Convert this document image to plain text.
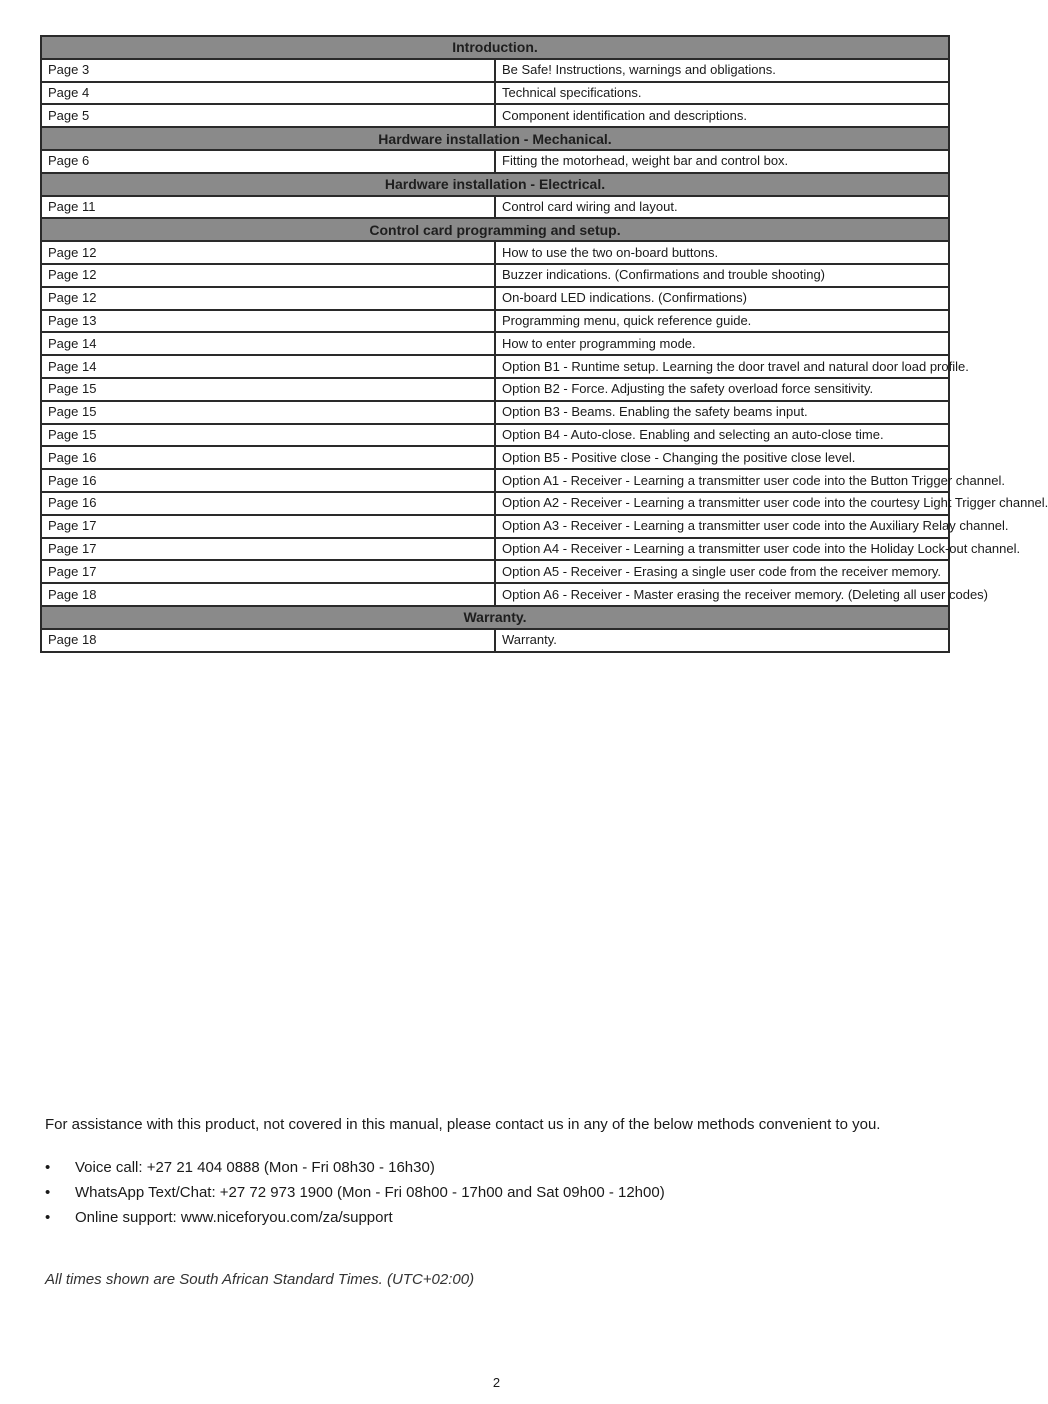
Introduction.	
Page 3	Be Safe! Instructions, warnings and obligations.
Page 4	Technical specifications.
Page 5	Component identification and descriptions.
Hardware installation - Mechanical.	
Page 6	Fitting the motorhead, weight bar and control box.
Hardware installation - Electrical.	
Page 11	Control card wiring and layout.
Control card programming and setup.	
Page 12	How to use the two on-board buttons.
Page 12	Buzzer indications. (Confirmations and trouble shooting)
Page 12	On-board LED indications. (Confirmations)
Page 13	Programming menu, quick reference guide.
Page 14	How to enter programming mode.
Page 14	Option B1 - Runtime setup. Learning the door travel and natural door load profile.
Page 15	Option B2 - Force. Adjusting the safety overload force sensitivity.
Page 15	Option B3 - Beams. Enabling the safety beams input.
Page 15	Option B4 - Auto-close. Enabling and selecting an auto-close time.
Page 16	Option B5 - Positive close - Changing the positive close level.
Page 16	Option A1 - Receiver - Learning a transmitter user code into the Button Trigger channel.
Page 16	Option A2 - Receiver - Learning a transmitter user code into the courtesy Light Trigger channel.
Page 17	Option A3 - Receiver - Learning a transmitter user code into the Auxiliary Relay channel.
Page 17	Option A4 - Receiver - Learning a transmitter user code into the Holiday Lock-out channel.
Page 17	Option A5 - Receiver - Erasing a single user code from the receiver memory.
Page 18	Option A6 - Receiver - Master erasing the receiver memory. (Deleting all user codes)
Warranty.	
Page 18	Warranty.

For assistance with this product, not covered in this manual, please contact us in any of the below methods convenient to you.

• Voice call: +27 21 404 0888 (Mon - Fri 08h30 - 16h30)
• WhatsApp Text/Chat: +27 72 973 1900 (Mon - Fri 08h00 - 17h00 and Sat 09h00 - 12h00)
• Online support: www.niceforyou.com/za/support
All times shown are South African Standard Times. (UTC+02:00)
2
